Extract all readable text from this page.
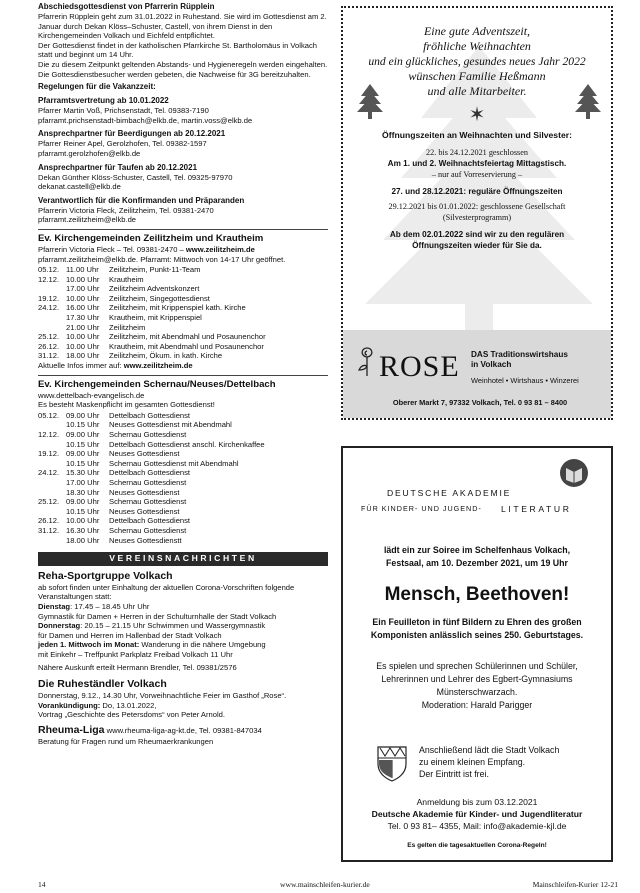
Abschiedsgottesdienst von Pfarrerin Rüpplein
Pfarrerin Rüpplein geht zum 31.01.2022 in Ruhestand. Sie wird im Gottesdienst am 2. Januar durch Dekan Klöss–Schuster, Castell, von ihrem Dienst in den Kirchengemeinden Volkach und Eichfeld entpflichtet.
Der Gottesdienst findet in der katholischen Pfarrkirche St. Bartholomäus in Volkach statt und beginnt um 14 Uhr.
Die zu diesem Zeitpunkt geltenden Abstands- und Hygieneregeln werden eingehalten. Die Gottesdienstbesucher werden gebeten, die Nachweise für 3G bereitzuhalten.
Regelungen für die Vakanzzeit:
Pfarramtsvertretung ab 10.01.2022
Pfarrer Martin Voß, Prichsenstadt, Tel. 09383-7190
pfarramt.prichsenstadt-bimbach@elkb.de, martin.voss@elkb.de
Ansprechpartner für Beerdigungen ab 20.12.2021
Pfarrer Reiner Apel, Gerolzhofen, Tel. 09382-1597
pfarramt.gerolzhofen@elkb.de
Ansprechpartner für Taufen ab 20.12.2021
Dekan Günther Klöss-Schuster, Castell, Tel. 09325-97970
dekanat.castell@elkb.de
Verantwortlich für die Konfirmanden und Präparanden
Pfarrerin Victoria Fleck, Zeilitzheim, Tel. 09381-2470
pfarramt.zeilitzheim@elkb.de
Ev. Kirchengemeinden Zeilitzheim und Krautheim
Pfarrerin Victoria Fleck – Tel. 09381-2470 – www.zeilitzheim.de
pfarramt.zeilitzheim@elkb.de. Pfarramt: Mittwoch von 14-17 Uhr geöffnet.
05.12. 11.00 Uhr	Zeilitzheim, Punkt-11-Team
12.12. 10.00 Uhr	Krautheim
17.00 Uhr	Zeilitzheim Adventskonzert
19.12. 10.00 Uhr	Zeilitzheim, Singegottesdienst
24.12. 16.00 Uhr	Zeilitzheim, mit Krippenspiel kath. Kirche
17.30 Uhr	Krautheim, mit Krippenspiel
21.00 Uhr	Zeilitzheim
25.12. 10.00 Uhr	Zeilitzheim, mit Abendmahl und Posaunenchor
26.12. 10.00 Uhr	Krautheim, mit Abendmahl und Posaunenchor
31.12. 18.00 Uhr	Zeilitzheim, Ökum. in kath. Kirche
Aktuelle Infos immer auf: www.zeilitzheim.de
Ev. Kirchengemeinden Schernau/Neuses/Dettelbach
www.dettelbach-evangelisch.de
Es besteht Maskenpflicht im gesamten Gottesdienst!
05.12. 09.00 Uhr	Dettelbach Gottesdienst
10.15 Uhr	Neuses Gottesdienst mit Abendmahl
12.12. 09.00 Uhr	Schernau Gottesdienst
10.15 Uhr	Dettelbach Gottesdienst anschl. Kirchenkaffee
19.12. 09.00 Uhr	Neuses Gottesdienst
10.15 Uhr	Schernau Gottesdienst mit Abendmahl
24.12. 15.30 Uhr	Dettelbach Gottesdienst
17.00 Uhr	Schernau Gottesdienst
18.30 Uhr	Neuses Gottesdienst
25.12. 09.00 Uhr	Schernau Gottesdienst
10.15 Uhr	Neuses Gottesdienst
26.12. 10.00 Uhr	Dettelbach Gottesdienst
31.12. 16.30 Uhr	Schernau Gottesdienst
18.00 Uhr	Neuses Gottesdienstt
VEREINSNACHRICHTEN
Reha-Sportgruppe Volkach
ab sofort finden unter Einhaltung der aktuellen Corona-Vorschriften folgende Veranstaltungen statt:
Dienstag: 17.45 – 18.45 Uhr Uhr
Gymnastik für Damen + Herren in der Schulturnhalle der Stadt Volkach
Donnerstag: 20.15 – 21.15 Uhr Schwimmen und Wassergymnastik
für Damen und Herren im Hallenbad der Stadt Volkach
jeden 1. Mittwoch im Monat: Wanderung in die nähere Umgebung
mit Einkehr – Treffpunkt Parkplatz Freibad Volkach 11 Uhr
Nähere Auskunft erteilt Hermann Brendler, Tel. 09381/2576
Die Ruheständler Volkach
Donnerstag, 9.12., 14.30 Uhr, Vorweihnachtliche Feier im Gasthof „Rose“.
Vorankündigung: Do, 13.01.2022,
Vortrag „Geschichte des Petersdoms“ von Peter Arnold.
Rheuma-Liga www.rheuma-liga-ag-kt.de, Tel. 09381-847034
Beratung für Fragen rund um Rheumaerkrankungen
Eine gute Adventszeit,
fröhliche Weihnachten
und ein glückliches, gesundes neues Jahr 2022
wünschen Familie Heßmann
und alle Mitarbeiter.
✶
Öffnungszeiten an Weihnachten und Silvester:
22. bis 24.12.2021 geschlossen
Am 1. und 2. Weihnachtsfeiertag Mittagstisch.
– nur auf Vorreservierung –
27. und 28.12.2021: reguläre Öffnungszeiten
29.12.2021 bis 01.01.2022: geschlossene Gesellschaft
(Silvesterprogramm)
Ab dem 02.01.2022 sind wir zu den regulären
Öffnungszeiten wieder für Sie da.
ROSE DAS Traditionswirtshaus
in Volkach
Weinhotel • Wirtshaus • Winzerei
Oberer Markt 7, 97332 Volkach, Tel. 0 93 81 – 8400
DEUTSCHE AKADEMIE
FÜR KINDER- UND JUGEND- LITERATUR
lädt ein zur Soiree im Schelfenhaus Volkach,
Festsaal, am 10. Dezember 2021, um 19 Uhr
Mensch, Beethoven!
Ein Feuilleton in fünf Bildern zu Ehren des großen
Komponisten anlässlich seines 250. Geburtstages.
Es spielen und sprechen Schülerinnen und Schüler,
Lehrerinnen und Lehrer des Egbert-Gymnasiums
Münsterschwarzach.
Moderation: Harald Parigger
Anschließend lädt die Stadt Volkach
zu einem kleinen Empfang.
Der Eintritt ist frei.
Anmeldung bis zum 03.12.2021
Deutsche Akademie für Kinder- und Jugendliteratur
Tel. 0 93 81– 4355, Mail: info@akademie-kjl.de
Es gelten die tagesaktuellen Corona-Regeln!
14	www.mainschleifen-kurier.de	Mainschleifen-Kurier 12-21
